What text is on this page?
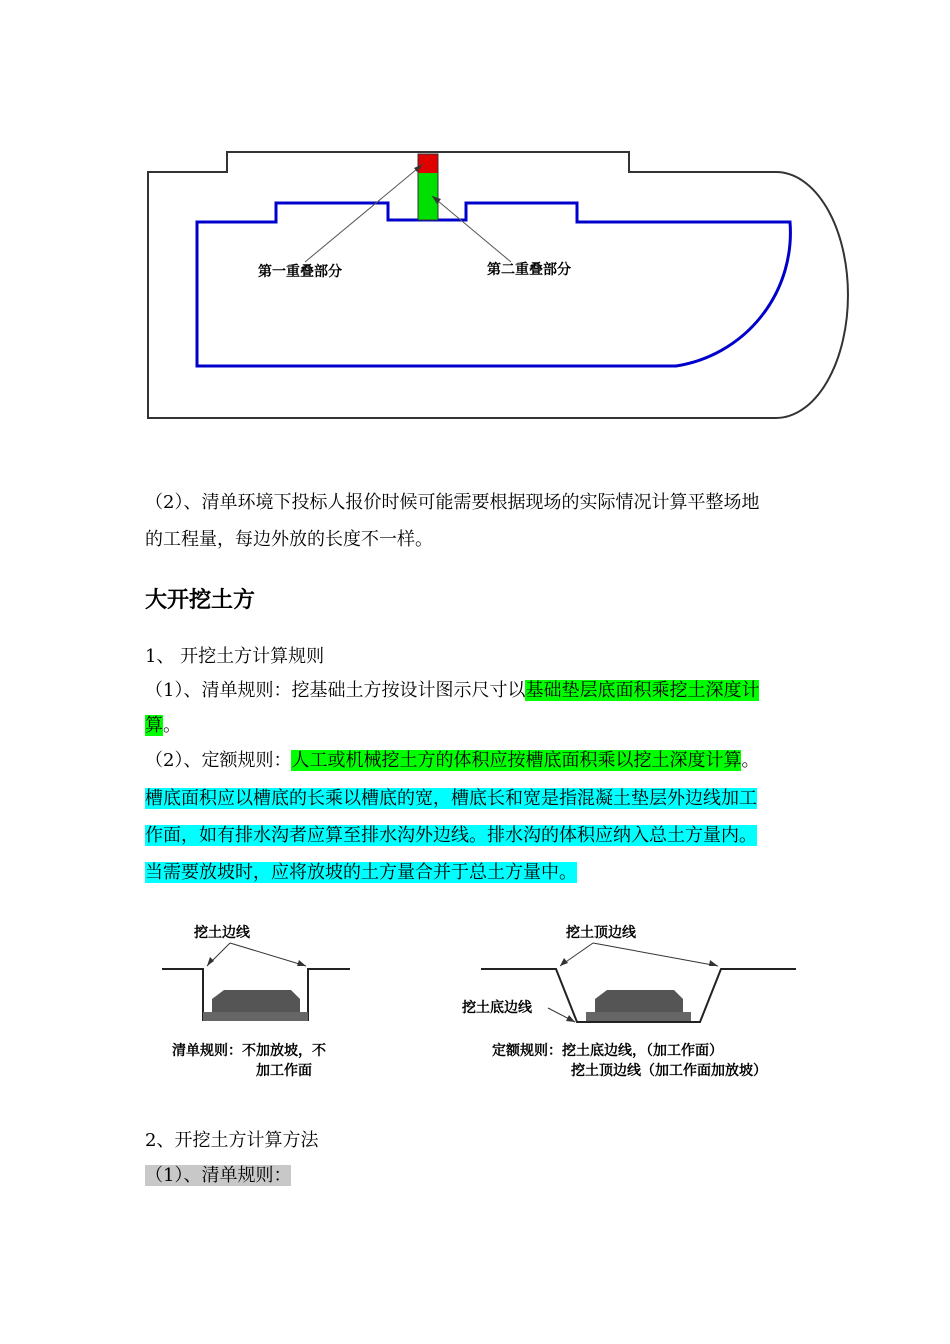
第一重叠部分	第二重叠部分
（2）、清单环境下投标人报价时候可能需要根据现场的实际情况计算平整场地
的工程量，每边外放的长度不一样。
大开挖土方
1、 开挖土方计算规则
（1）、清单规则：挖基础土方按设计图示尺寸以基础垫层底面积乘挖土深度计
算。
（2）、定额规则：人工或机械挖土方的体积应按槽底面积乘以挖土深度计算。
槽底面积应以槽底的长乘以槽底的宽，槽底长和宽是指混凝土垫层外边线加工
作面，如有排水沟者应算至排水沟外边线。排水沟的体积应纳入总土方量内。
当需要放坡时，应将放坡的土方量合并于总土方量中。
挖土边线
清单规则：不加放坡，不
加工作面
挖土顶边线
挖土底边线
定额规则：挖土底边线，（加工作面）
挖土顶边线（加工作面加放坡）
2、开挖土方计算方法
（1）、清单规则：
